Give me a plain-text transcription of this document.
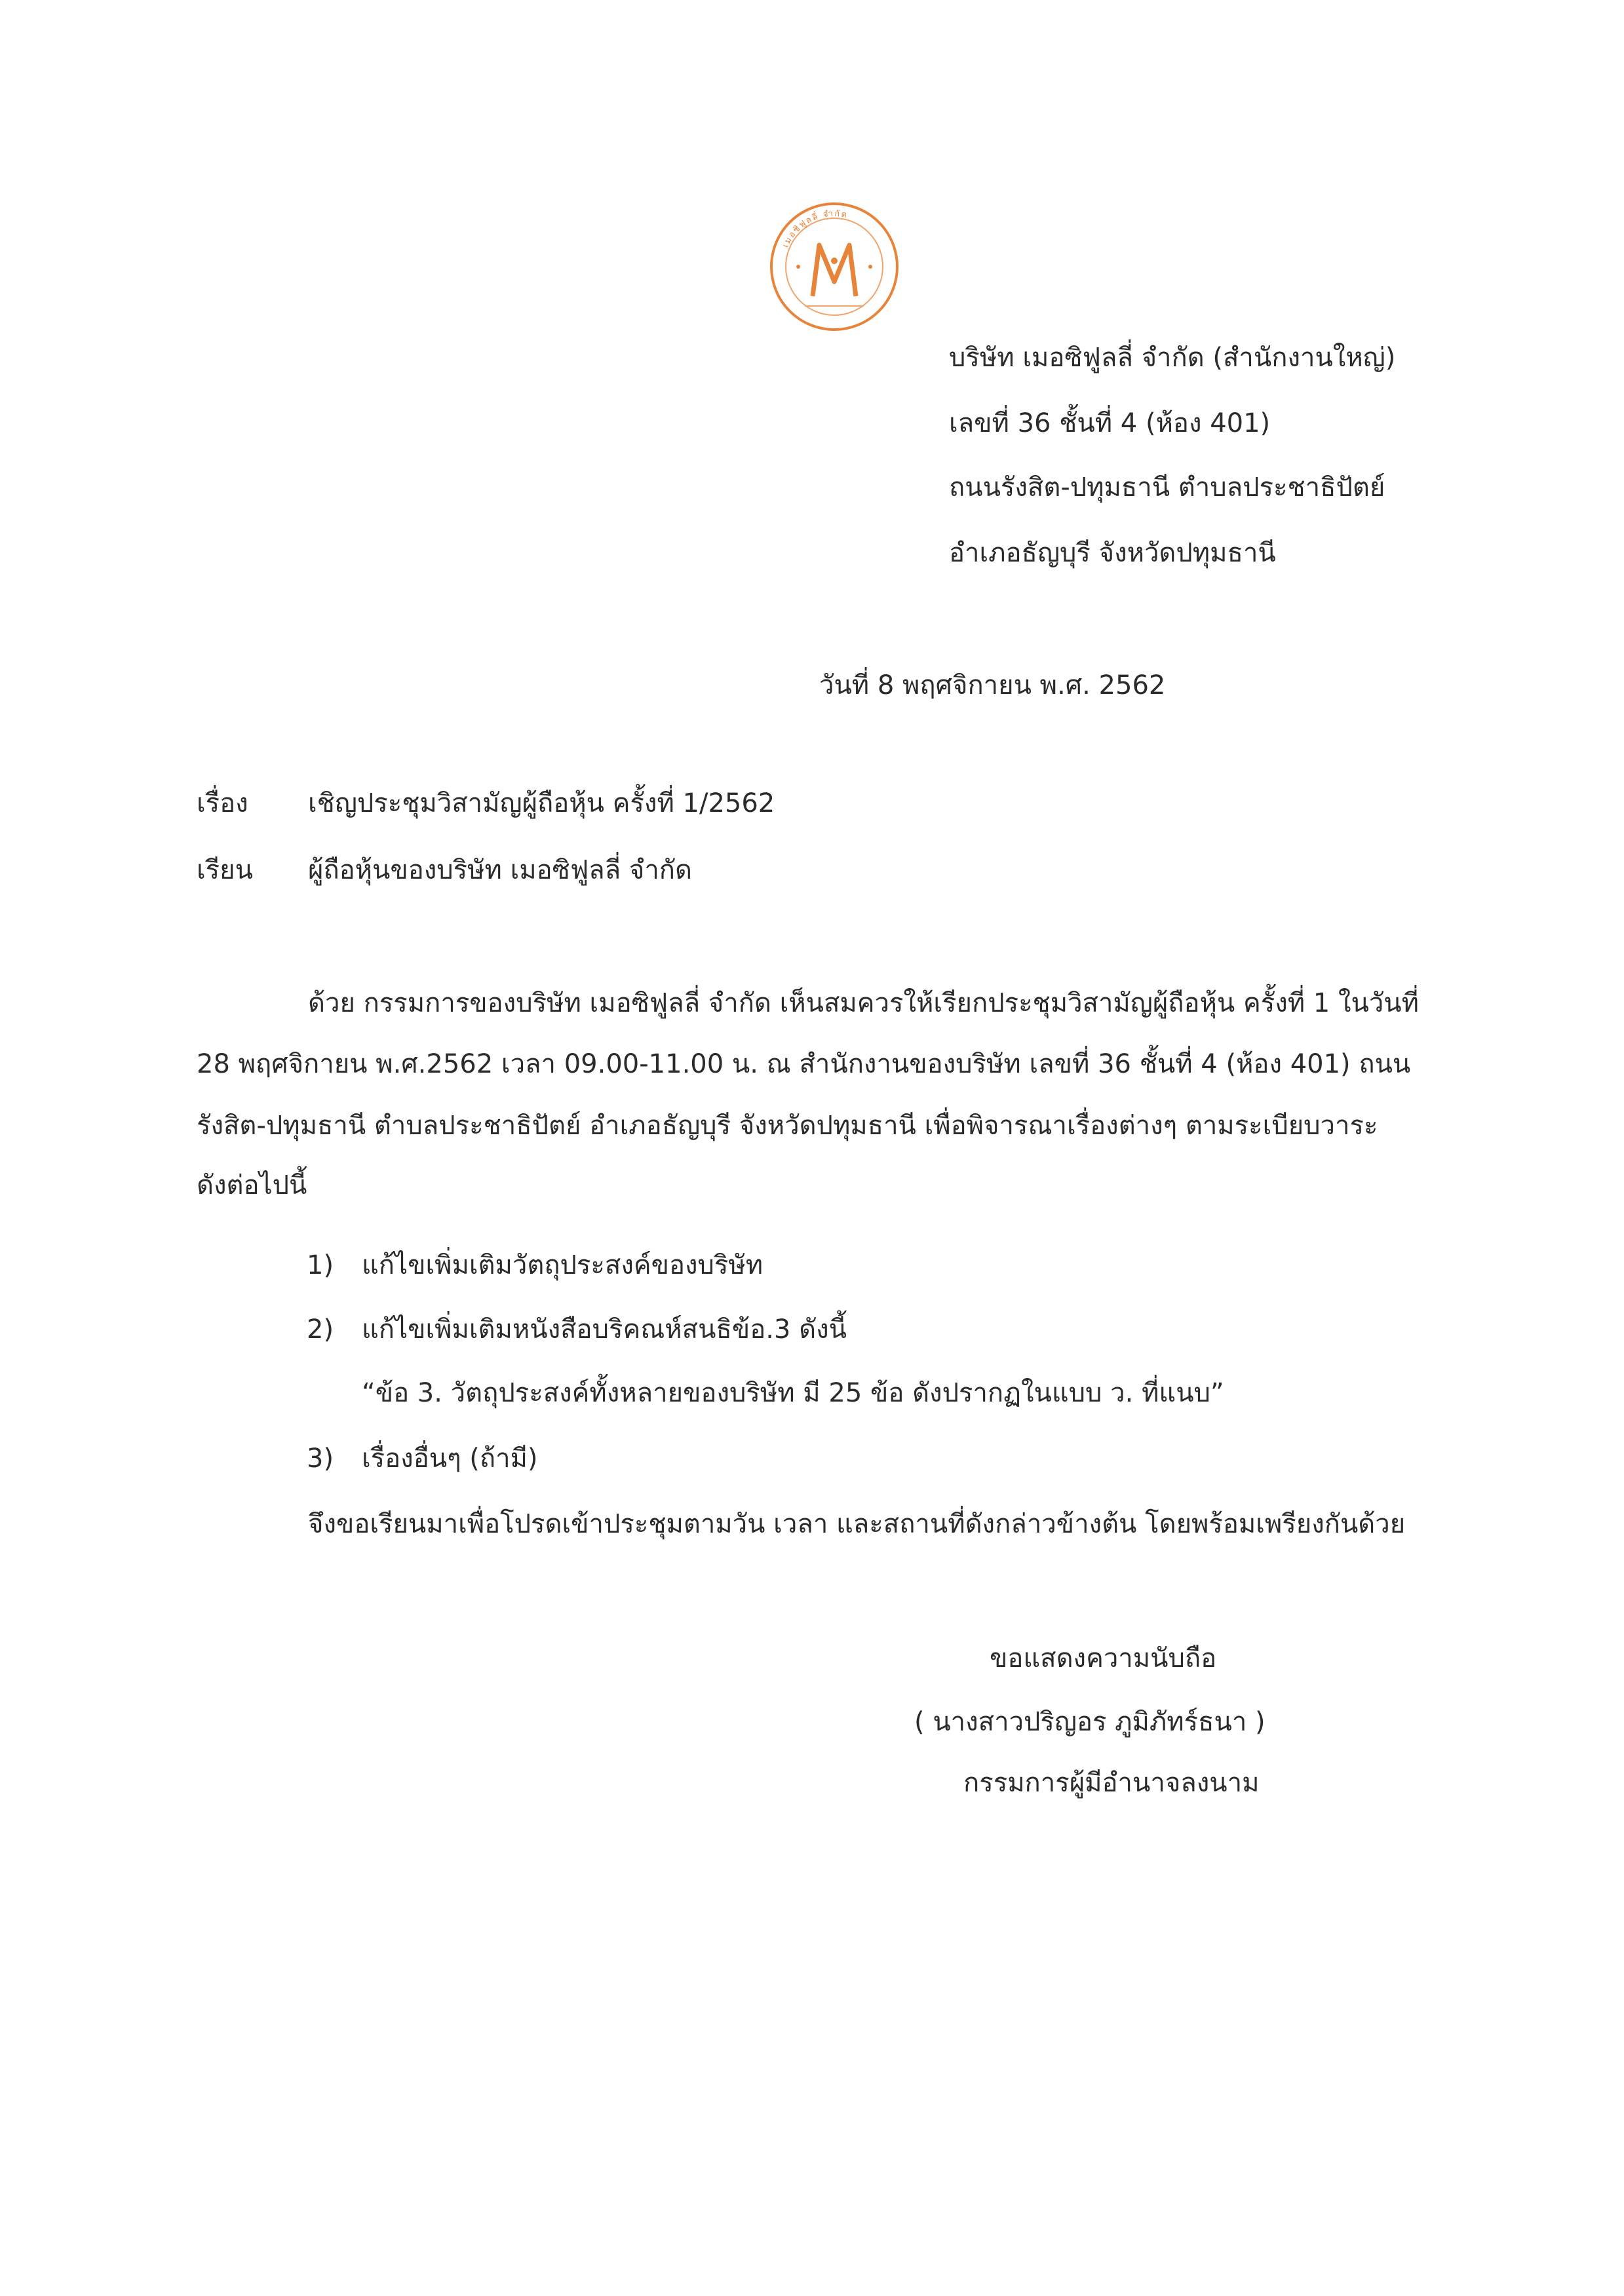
เมอซิฟูลลี่ จำกัด
บริษัท เมอซิฟูลลี่ จำกัด (สำนักงานใหญ่)
เลขที่ 36 ชั้นที่ 4 (ห้อง 401)
ถนนรังสิต-ปทุมธานี ตำบลประชาธิปัตย์
อำเภอธัญบุรี จังหวัดปทุมธานี
วันที่ 8 พฤศจิกายน พ.ศ. 2562
เรื่อง เชิญประชุมวิสามัญผู้ถือหุ้น ครั้งที่ 1/2562
เรียน ผู้ถือหุ้นของบริษัท เมอซิฟูลลี่ จำกัด
ด้วย กรรมการของบริษัท เมอซิฟูลลี่ จำกัด เห็นสมควรให้เรียกประชุมวิสามัญผู้ถือหุ้น ครั้งที่ 1 ในวันที่
28 พฤศจิกายน พ.ศ.2562 เวลา 09.00-11.00 น. ณ สำนักงานของบริษัท เลขที่ 36 ชั้นที่ 4 (ห้อง 401) ถนน
รังสิต-ปทุมธานี ตำบลประชาธิปัตย์ อำเภอธัญบุรี จังหวัดปทุมธานี เพื่อพิจารณาเรื่องต่างๆ ตามระเบียบวาระ
ดังต่อไปนี้
1) แก้ไขเพิ่มเติมวัตถุประสงค์ของบริษัท
2) แก้ไขเพิ่มเติมหนังสือบริคณห์สนธิข้อ.3 ดังนี้
“ข้อ 3. วัตถุประสงค์ทั้งหลายของบริษัท มี 25 ข้อ ดังปรากฏในแบบ ว. ที่แนบ”
3) เรื่องอื่นๆ (ถ้ามี)
จึงขอเรียนมาเพื่อโปรดเข้าประชุมตามวัน เวลา และสถานที่ดังกล่าวข้างต้น โดยพร้อมเพรียงกันด้วย
ขอแสดงความนับถือ
( นางสาวปริญอร ภูมิภัทร์ธนา )
กรรมการผู้มีอำนาจลงนาม
